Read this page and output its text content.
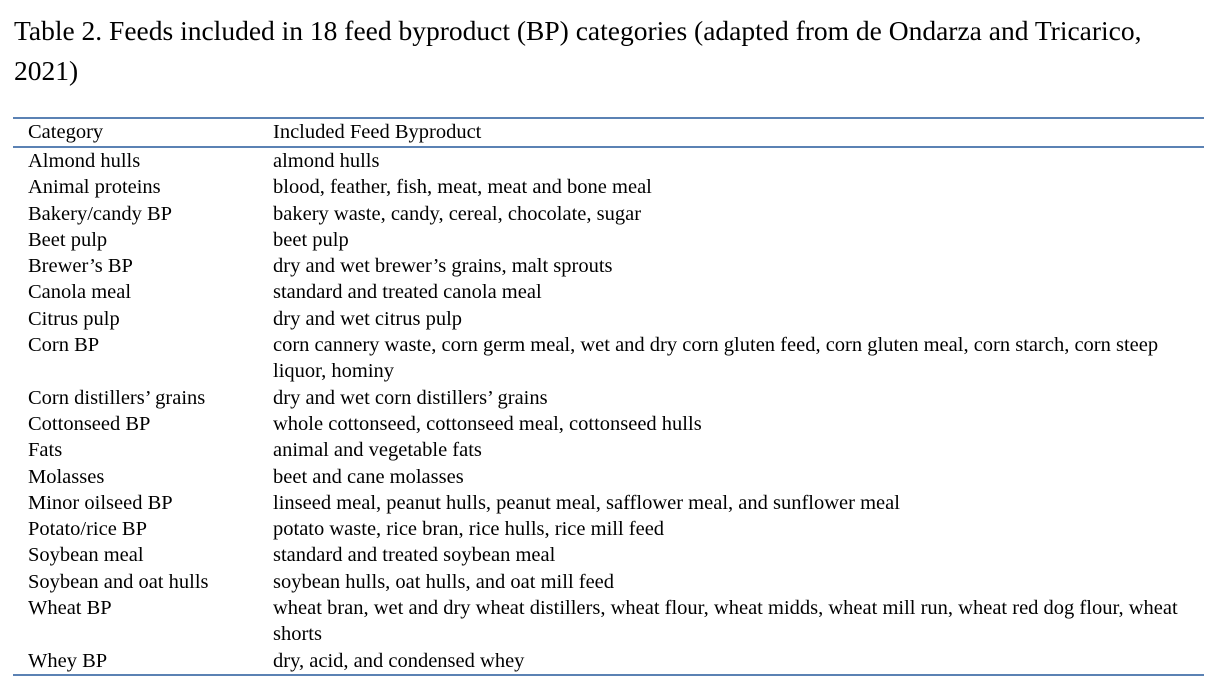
Table 2. Feeds included in 18 feed byproduct (BP) categories (adapted from de Ondarza and Tricarico, 2021)

Category	Included Feed Byproduct
Almond hulls	almond hulls
Animal proteins	blood, feather, fish, meat, meat and bone meal
Bakery/candy BP	bakery waste, candy, cereal, chocolate, sugar
Beet pulp	beet pulp
Brewer’s BP	dry and wet brewer’s grains, malt sprouts
Canola meal	standard and treated canola meal
Citrus pulp	dry and wet citrus pulp
Corn BP	corn cannery waste, corn germ meal, wet and dry corn gluten feed, corn gluten meal, corn starch, corn steep liquor, hominy
Corn distillers’ grains	dry and wet corn distillers’ grains
Cottonseed BP	whole cottonseed, cottonseed meal, cottonseed hulls
Fats	animal and vegetable fats
Molasses	beet and cane molasses
Minor oilseed BP	linseed meal, peanut hulls, peanut meal, safflower meal, and sunflower meal
Potato/rice BP	potato waste, rice bran, rice hulls, rice mill feed
Soybean meal	standard and treated soybean meal
Soybean and oat hulls	soybean hulls, oat hulls, and oat mill feed
Wheat BP	wheat bran, wet and dry wheat distillers, wheat flour, wheat midds, wheat mill run, wheat red dog flour, wheat shorts
Whey BP	dry, acid, and condensed whey
